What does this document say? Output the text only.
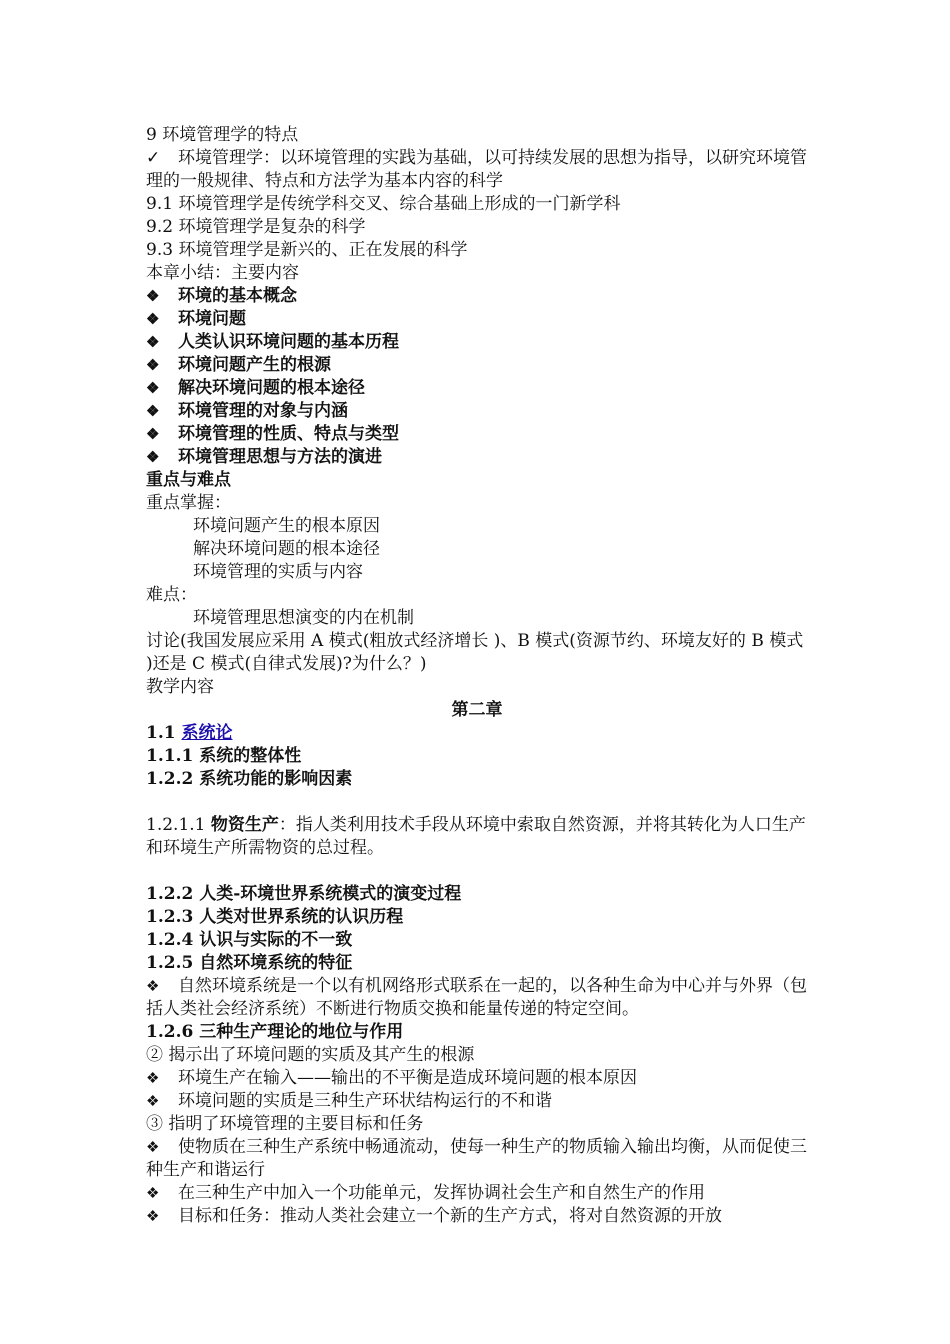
9 环境管理学的特点

✓ 环境管理学：以环境管理的实践为基础，以可持续发展的思想为指导，以研究环境管理的一般规律、特点和方法学为基本内容的科学

9.1 环境管理学是传统学科交叉、综合基础上形成的一门新学科

9.2 环境管理学是复杂的科学

9.3 环境管理学是新兴的、正在发展的科学

本章小结：主要内容

❖ 环境的基本概念

❖ 环境问题

❖ 人类认识环境问题的基本历程

❖ 环境问题产生的根源

❖ 解决环境问题的根本途径

❖ 环境管理的对象与内涵

❖ 环境管理的性质、特点与类型

❖ 环境管理思想与方法的演进

重点与难点

重点掌握：

环境问题产生的根本原因

解决环境问题的根本途径

环境管理的实质与内容

难点：

环境管理思想演变的内在机制

讨论(我国发展应采用 A 模式(粗放式经济增长 )、B 模式(资源节约、环境友好的 B 模式 )还是 C 模式(自律式发展)?为什么？)

教学内容

第二章

1.1 系统论

1.1.1 系统的整体性

1.2.2 系统功能的影响因素

1.2.1.1 物资生产：指人类利用技术手段从环境中索取自然资源，并将其转化为人口生产和环境生产所需物资的总过程。

1.2.2 人类-环境世界系统模式的演变过程

1.2.3 人类对世界系统的认识历程

1.2.4 认识与实际的不一致

1.2.5 自然环境系统的特征

❖ 自然环境系统是一个以有机网络形式联系在一起的，以各种生命为中心并与外界（包括人类社会经济系统）不断进行物质交换和能量传递的特定空间。

1.2.6 三种生产理论的地位与作用

② 揭示出了环境问题的实质及其产生的根源

❖ 环境生产在输入——输出的不平衡是造成环境问题的根本原因

❖ 环境问题的实质是三种生产环状结构运行的不和谐

③ 指明了环境管理的主要目标和任务

❖ 使物质在三种生产系统中畅通流动，使每一种生产的物质输入输出均衡，从而促使三种生产和谐运行

❖ 在三种生产中加入一个功能单元，发挥协调社会生产和自然生产的作用

❖ 目标和任务：推动人类社会建立一个新的生产方式，将对自然资源的开放
